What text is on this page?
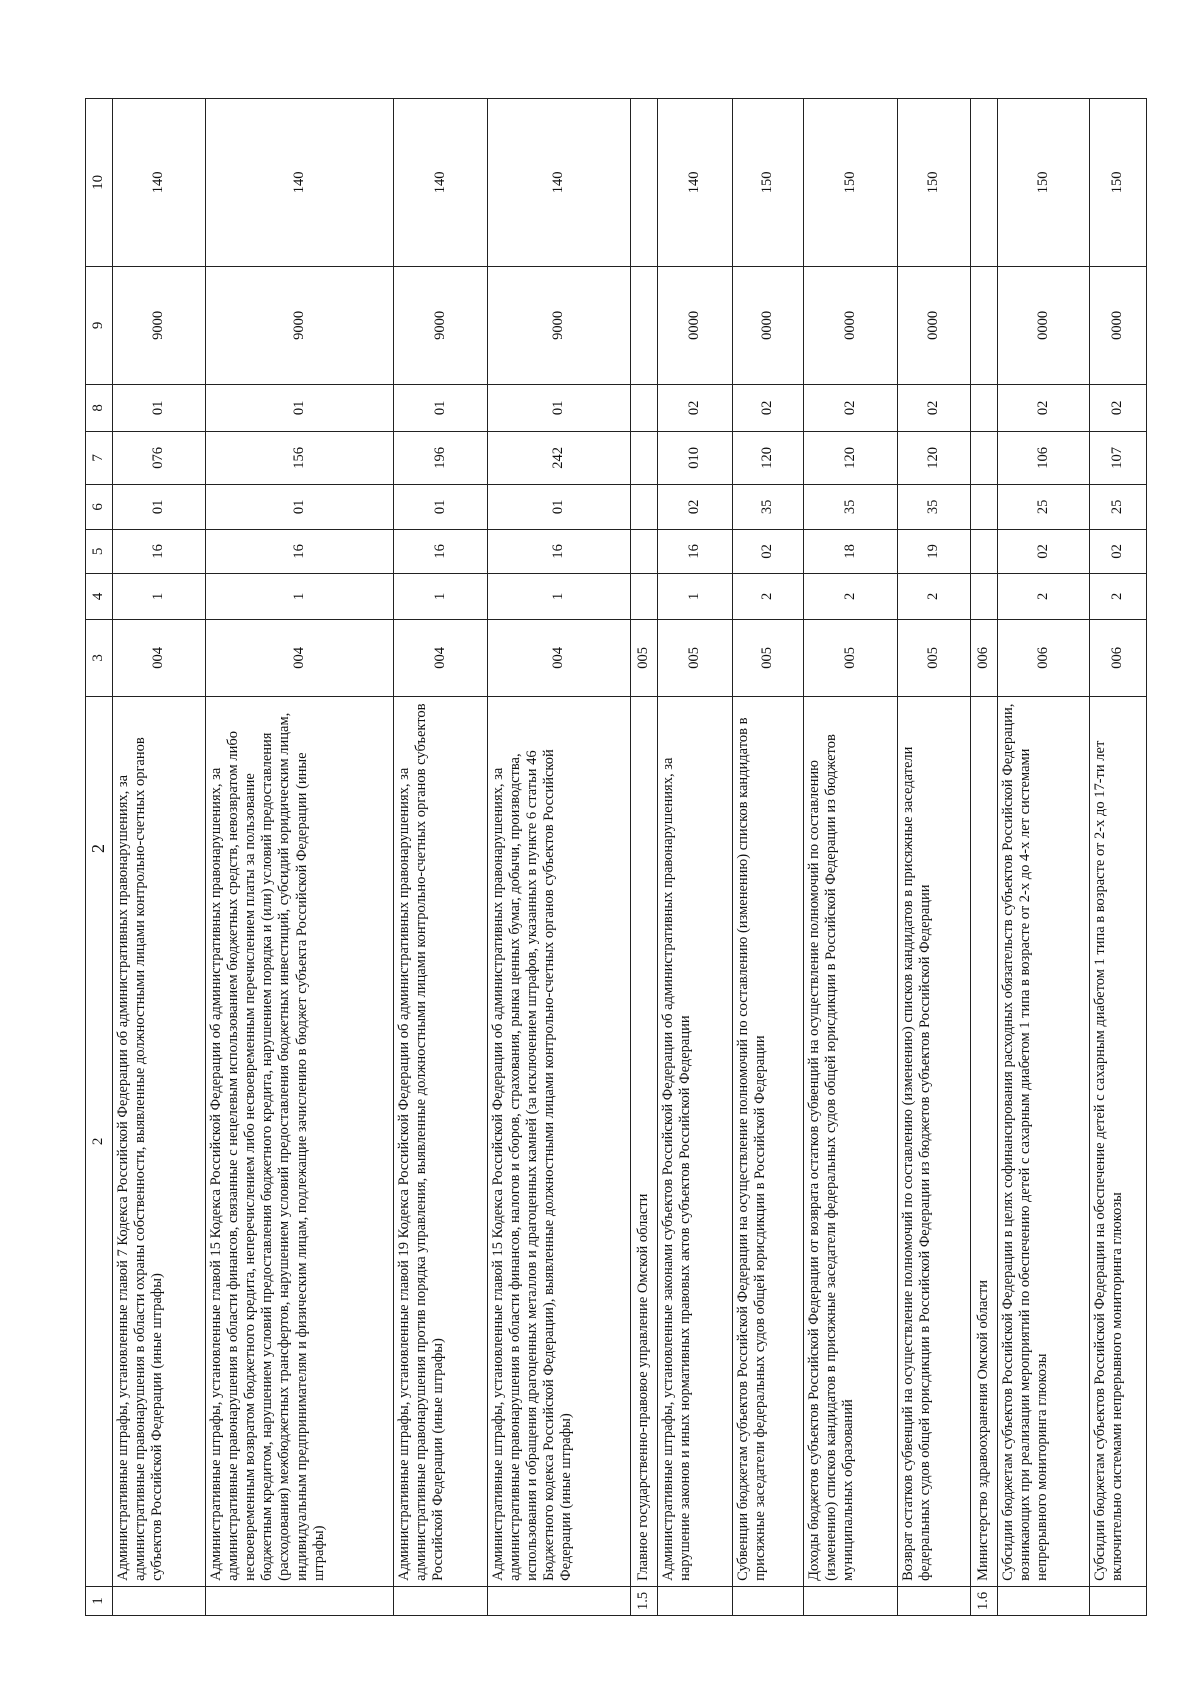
2
1	2	3	4	5	6	7	8	9	10
	Административные штрафы, установленные главой 7 Кодекса Российской Федерации об административных правонарушениях, за административные правонарушения в области охраны собственности, выявленные должностными лицами контрольно-счетных органов субъектов Российской Федерации (иные штрафы)	004	1	16	01	076	01	9000	140
	Административные штрафы, установленные главой 15 Кодекса Российской Федерации об административных правонарушениях, за административные правонарушения в области финансов, связанные с нецелевым использованием бюджетных средств, невозвратом либо несвоевременным возвратом бюджетного кредита, неперечислением либо несвоевременным перечислением платы за пользование бюджетным кредитом, нарушением условий предоставления бюджетного кредита, нарушением порядка и (или) условий предоставления (расходования) межбюджетных трансфертов, нарушением условий предоставления бюджетных инвестиций, субсидий юридическим лицам, индивидуальным предпринимателям и физическим лицам, подлежащие зачислению в бюджет субъекта Российской Федерации (иные штрафы)	004	1	16	01	156	01	9000	140
	Административные штрафы, установленные главой 19 Кодекса Российской Федерации об административных правонарушениях, за административные правонарушения против порядка управления, выявленные должностными лицами контрольно-счетных органов субъектов Российской Федерации (иные штрафы)	004	1	16	01	196	01	9000	140
	Административные штрафы, установленные главой 15 Кодекса Российской Федерации об административных правонарушениях, за административные правонарушения в области финансов, налогов и сборов, страхования, рынка ценных бумаг, добычи, производства, использования и обращения драгоценных металлов и драгоценных камней (за исключением штрафов, указанных в пункте 6 статьи 46 Бюджетного кодекса Российской Федерации), выявленные должностными лицами контрольно-счетных органов субъектов Российской Федерации (иные штрафы)	004	1	16	01	242	01	9000	140
1.5	Главное государственно-правовое управление Омской области	005							
	Административные штрафы, установленные законами субъектов Российской Федерации об административных правонарушениях, за нарушение законов и иных нормативных правовых актов субъектов Российской Федерации	005	1	16	02	010	02	0000	140
	Субвенции бюджетам субъектов Российской Федерации на осуществление полномочий по составлению (изменению) списков кандидатов в присяжные заседатели федеральных судов общей юрисдикции в Российской Федерации	005	2	02	35	120	02	0000	150
	Доходы бюджетов субъектов Российской Федерации от возврата остатков субвенций на осуществление полномочий по составлению (изменению) списков кандидатов в присяжные заседатели федеральных судов общей юрисдикции в Российской Федерации из бюджетов муниципальных образований	005	2	18	35	120	02	0000	150
	Возврат остатков субвенций на осуществление полномочий по составлению (изменению) списков кандидатов в присяжные заседатели федеральных судов общей юрисдикции в Российской Федерации из бюджетов субъектов Российской Федерации	005	2	19	35	120	02	0000	150
1.6	Министерство здравоохранения Омской области	006							
	Субсидии бюджетам субъектов Российской Федерации в целях софинансирования расходных обязательств субъектов Российской Федерации, возникающих при реализации мероприятий по обеспечению детей с сахарным диабетом 1 типа в возрасте от 2-х до 4-х лет системами непрерывного мониторинга глюкозы	006	2	02	25	106	02	0000	150
	Субсидии бюджетам субъектов Российской Федерации на обеспечение детей с сахарным диабетом 1 типа в возрасте от 2-х до 17-ти лет включительно системами непрерывного мониторинга глюкозы	006	2	02	25	107	02	0000	150
